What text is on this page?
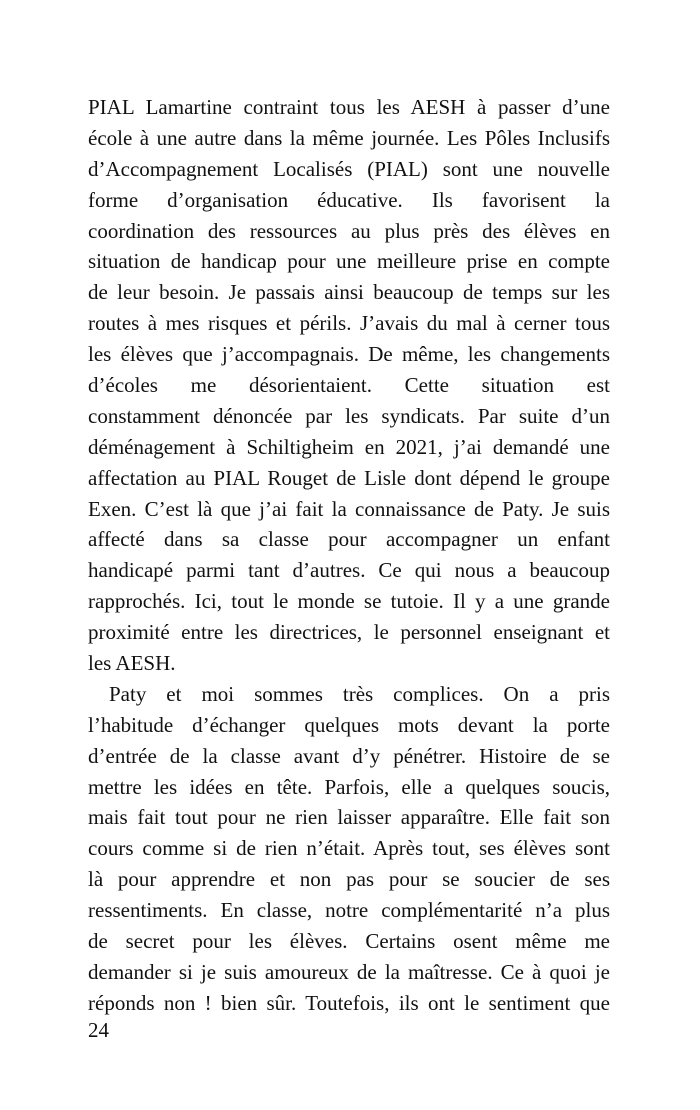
PIAL Lamartine contraint tous les AESH à passer d’une
école à une autre dans la même journée. Les Pôles Inclusifs
d’Accompagnement Localisés (PIAL) sont une nouvelle
forme d’organisation éducative. Ils favorisent la
coordination des ressources au plus près des élèves en
situation de handicap pour une meilleure prise en compte
de leur besoin. Je passais ainsi beaucoup de temps sur les
routes à mes risques et périls. J’avais du mal à cerner tous
les élèves que j’accompagnais. De même, les changements
d’écoles me désorientaient. Cette situation est
constamment dénoncée par les syndicats. Par suite d’un
déménagement à Schiltigheim en 2021, j’ai demandé une
affectation au PIAL Rouget de Lisle dont dépend le groupe
Exen. C’est là que j’ai fait la connaissance de Paty. Je suis
affecté dans sa classe pour accompagner un enfant
handicapé parmi tant d’autres. Ce qui nous a beaucoup
rapprochés. Ici, tout le monde se tutoie. Il y a une grande
proximité entre les directrices, le personnel enseignant et
les AESH.
Paty et moi sommes très complices. On a pris
l’habitude d’échanger quelques mots devant la porte
d’entrée de la classe avant d’y pénétrer. Histoire de se
mettre les idées en tête. Parfois, elle a quelques soucis,
mais fait tout pour ne rien laisser apparaître. Elle fait son
cours comme si de rien n’était. Après tout, ses élèves sont
là pour apprendre et non pas pour se soucier de ses
ressentiments. En classe, notre complémentarité n’a plus
de secret pour les élèves. Certains osent même me
demander si je suis amoureux de la maîtresse. Ce à quoi je
réponds non ! bien sûr. Toutefois, ils ont le sentiment que
24
